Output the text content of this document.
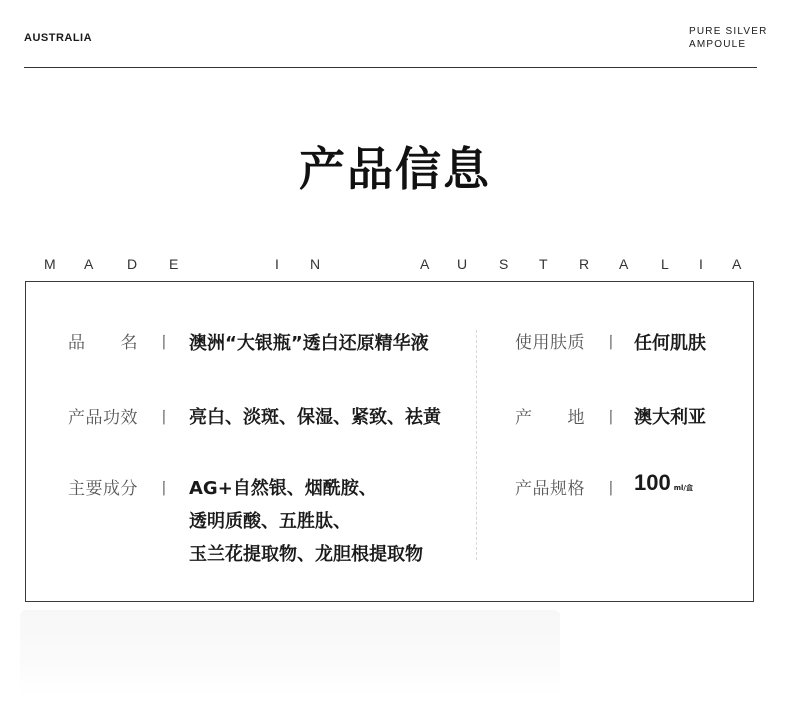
AUSTRALIA
PURE SILVER
AMPOULE
产品信息
M A D E	I N	A U S T R A L I A
品　　名 丨 澳洲“大银瓶”透白还原精华液
产品功效 丨 亮白、淡斑、保湿、紧致、祛黄
主要成分 丨 AG+自然银、烟酰胺、
透明质酸、五胜肽、
玉兰花提取物、龙胆根提取物
使用肤质 丨 任何肌肤
产　　地 丨 澳大利亚
产品规格 丨 100 ml/盒
